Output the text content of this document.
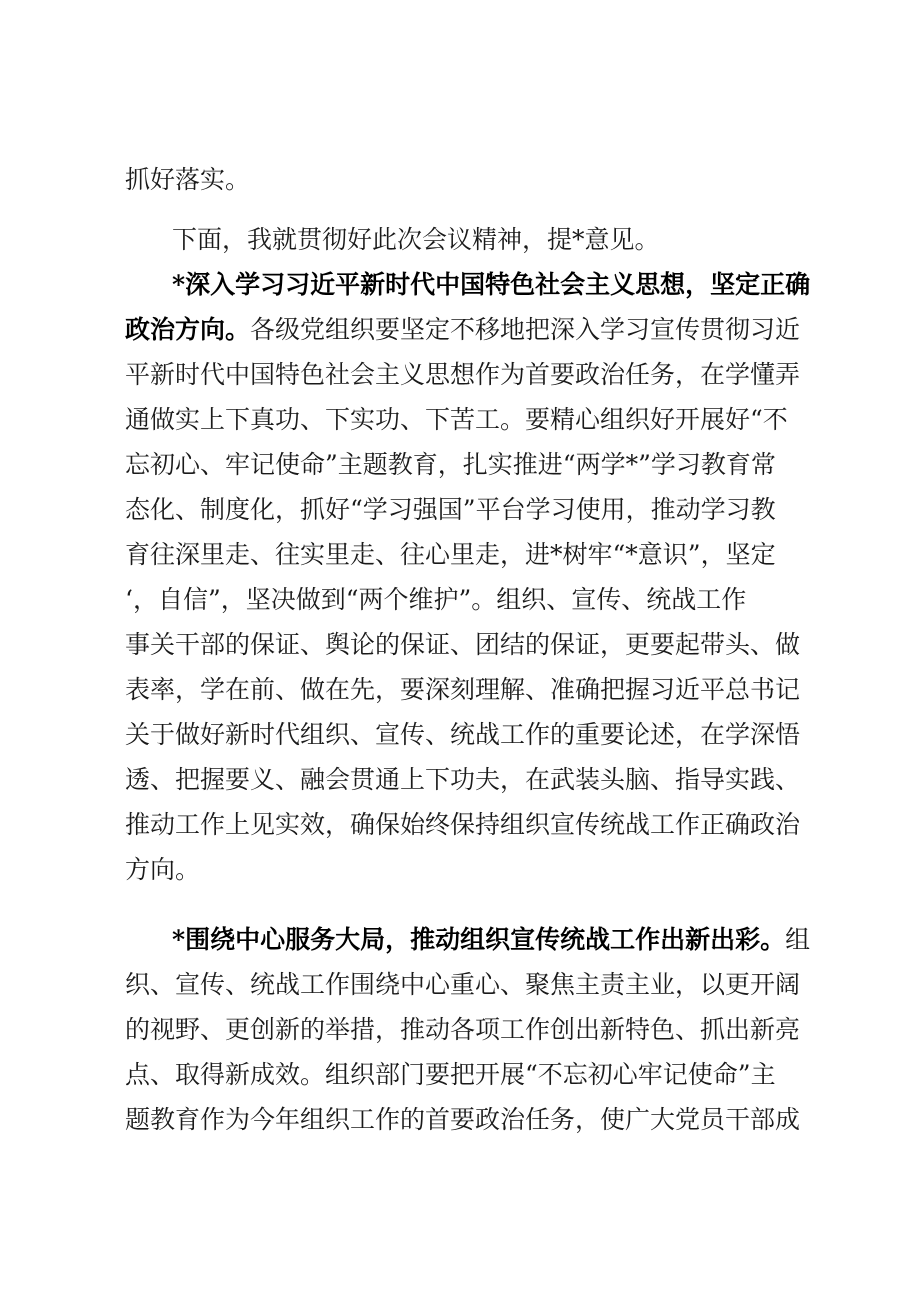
抓好落实。
下面，我就贯彻好此次会议精神，提*意见。
*深入学习习近平新时代中国特色社会主义思想，坚定正确
政治方向。各级党组织要坚定不移地把深入学习宣传贯彻习近
平新时代中国特色社会主义思想作为首要政治任务，在学懂弄
通做实上下真功、下实功、下苦工。要精心组织好开展好“不
忘初心、牢记使命”主题教育，扎实推进“两学*”学习教育常
态化、制度化，抓好“学习强国”平台学习使用，推动学习教
育往深里走、往实里走、往心里走，进*树牢“*意识”，坚定
‘，自信”，坚决做到“两个维护”。组织、宣传、统战工作
事关干部的保证、舆论的保证、团结的保证，更要起带头、做
表率，学在前、做在先，要深刻理解、准确把握习近平总书记
关于做好新时代组织、宣传、统战工作的重要论述，在学深悟
透、把握要义、融会贯通上下功夫，在武装头脑、指导实践、
推动工作上见实效，确保始终保持组织宣传统战工作正确政治
方向。
*围绕中心服务大局，推动组织宣传统战工作出新出彩。组
织、宣传、统战工作围绕中心重心、聚焦主责主业，以更开阔
的视野、更创新的举措，推动各项工作创出新特色、抓出新亮
点、取得新成效。组织部门要把开展“不忘初心牢记使命”主
题教育作为今年组织工作的首要政治任务，使广大党员干部成
